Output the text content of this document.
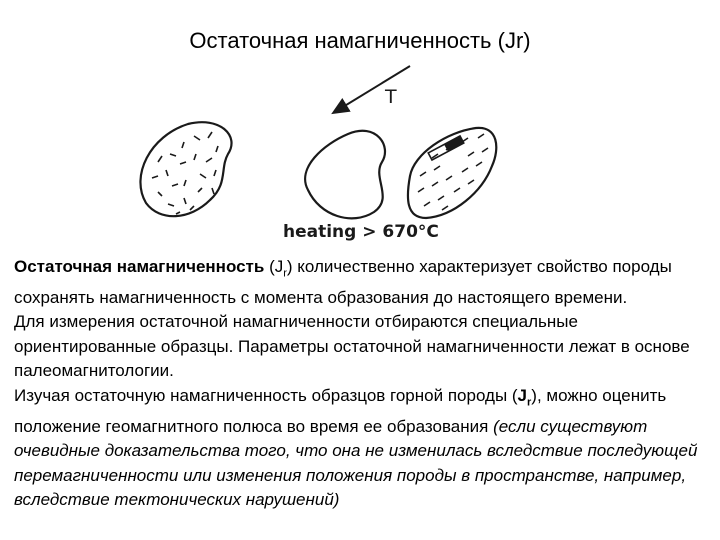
Остаточная намагниченность (Jr)
T
heating > 670°C

Остаточная намагниченность $(J_r)$ количественно характеризует свойство породы сохранять намагниченность с момента образования до настоящего времени.

Для измерения остаточной намагниченности отбираются специальные ориентированные образцы. Параметры остаточной намагниченности лежат в основе палеомагнитологии.

Изучая остаточную намагниченность образцов горной породы $(J_r)$, можно оценить положение геомагнитного полюса во время ее образования (если существуют очевидные доказательства того, что она не изменилась вследствие последующей перемагниченности или изменения положения породы в пространстве, например, вследствие тектонических нарушений)
